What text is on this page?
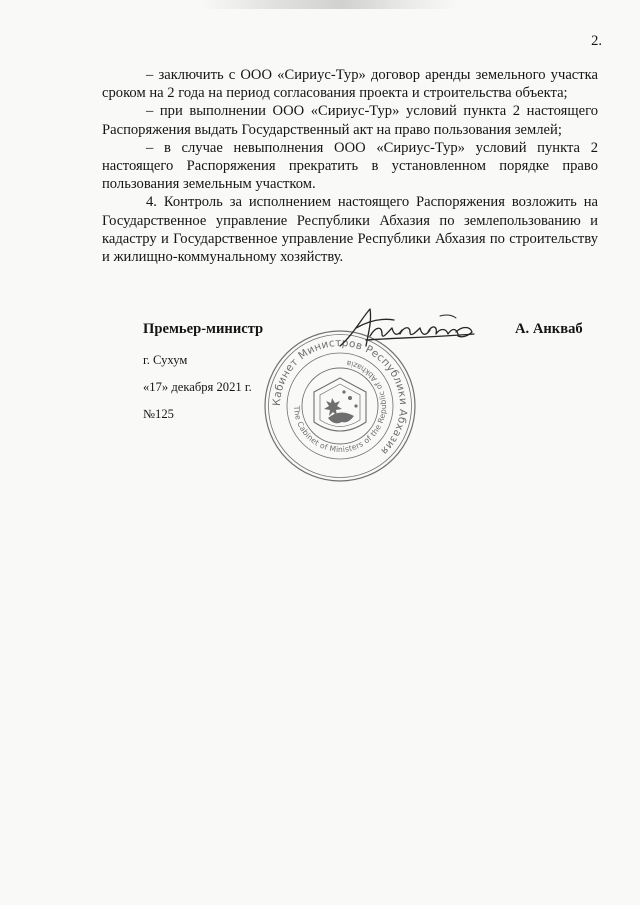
2.

– заключить с ООО «Сириус-Тур» договор аренды земельного участка сроком на 2 года на период согласования проекта и строительства объекта;

– при выполнении ООО «Сириус-Тур» условий пункта 2 настоящего Распоряжения выдать Государственный акт на право пользования землей;

– в случае невыполнения ООО «Сириус-Тур» условий пункта 2 настоящего Распоряжения прекратить в установленном порядке право пользования земельным участком.

4. Контроль за исполнением настоящего Распоряжения возложить на Государственное управление Республики Абхазия по землепользованию и кадастру и Государственное управление Республики Абхазия по строительству и жилищно-коммунальному хозяйству.

Премьер-министр	А. Анкваб
г. Сухум
«17» декабря 2021 г.
№125
Кабинет Министров Республики Абхазия
The Cabinet of Ministers of the Republic of Abkhazia
